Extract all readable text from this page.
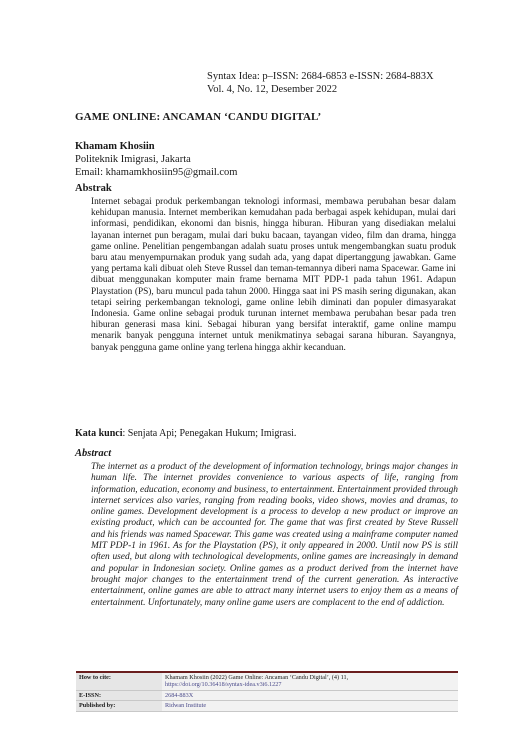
Syntax Idea: p–ISSN: 2684-6853 e-ISSN: 2684-883X
Vol. 4, No. 12, Desember 2022
GAME ONLINE: ANCAMAN ‘CANDU DIGITAL’
Khamam Khosiin
Politeknik Imigrasi, Jakarta
Email: khamamkhosiin95@gmail.com
Abstrak
Internet sebagai produk perkembangan teknologi informasi, membawa perubahan besar dalam kehidupan manusia. Internet memberikan kemudahan pada berbagai aspek kehidupan, mulai dari informasi, pendidikan, ekonomi dan bisnis, hingga hiburan. Hiburan yang disediakan melalui layanan internet pun beragam, mulai dari buku bacaan, tayangan video, film dan drama, hingga game online. Penelitian pengembangan adalah suatu proses untuk mengembangkan suatu produk baru atau menyempurnakan produk yang sudah ada, yang dapat dipertanggung jawabkan. Game yang pertama kali dibuat oleh Steve Russel dan teman-temannya diberi nama Spacewar. Game ini dibuat menggunakan komputer main frame bernama MIT PDP-1 pada tahun 1961. Adapun Playstation (PS), baru muncul pada tahun 2000. Hingga saat ini PS masih sering digunakan, akan tetapi seiring perkembangan teknologi, game online lebih diminati dan populer dimasyarakat Indonesia. Game online sebagai produk turunan internet membawa perubahan besar pada tren hiburan generasi masa kini. Sebagai hiburan yang bersifat interaktif, game online mampu menarik banyak pengguna internet untuk menikmatinya sebagai sarana hiburan. Sayangnya, banyak pengguna game online yang terlena hingga akhir kecanduan.
Kata kunci: Senjata Api; Penegakan Hukum; Imigrasi.
Abstract
The internet as a product of the development of information technology, brings major changes in human life. The internet provides convenience to various aspects of life, ranging from information, education, economy and business, to entertainment. Entertainment provided through internet services also varies, ranging from reading books, video shows, movies and dramas, to online games. Development development is a process to develop a new product or improve an existing product, which can be accounted for. The game that was first created by Steve Russell and his friends was named Spacewar. This game was created using a mainframe computer named MIT PDP-1 in 1961. As for the Playstation (PS), it only appeared in 2000. Until now PS is still often used, but along with technological developments, online games are increasingly in demand and popular in Indonesian society. Online games as a product derived from the internet have brought major changes to the entertainment trend of the current generation. As interactive entertainment, online games are able to attract many internet users to enjoy them as a means of entertainment. Unfortunately, many online game users are complacent to the end of addiction.
How to cite:	Khamam Khosiin (2022) Game Online: Ancaman ‘Candu Digital’, (4) 11,
https://doi.org/10.36418/syntax-idea.v3i6.1227

E-ISSN:	2684-883X
Published by:	Ridwan Institute
